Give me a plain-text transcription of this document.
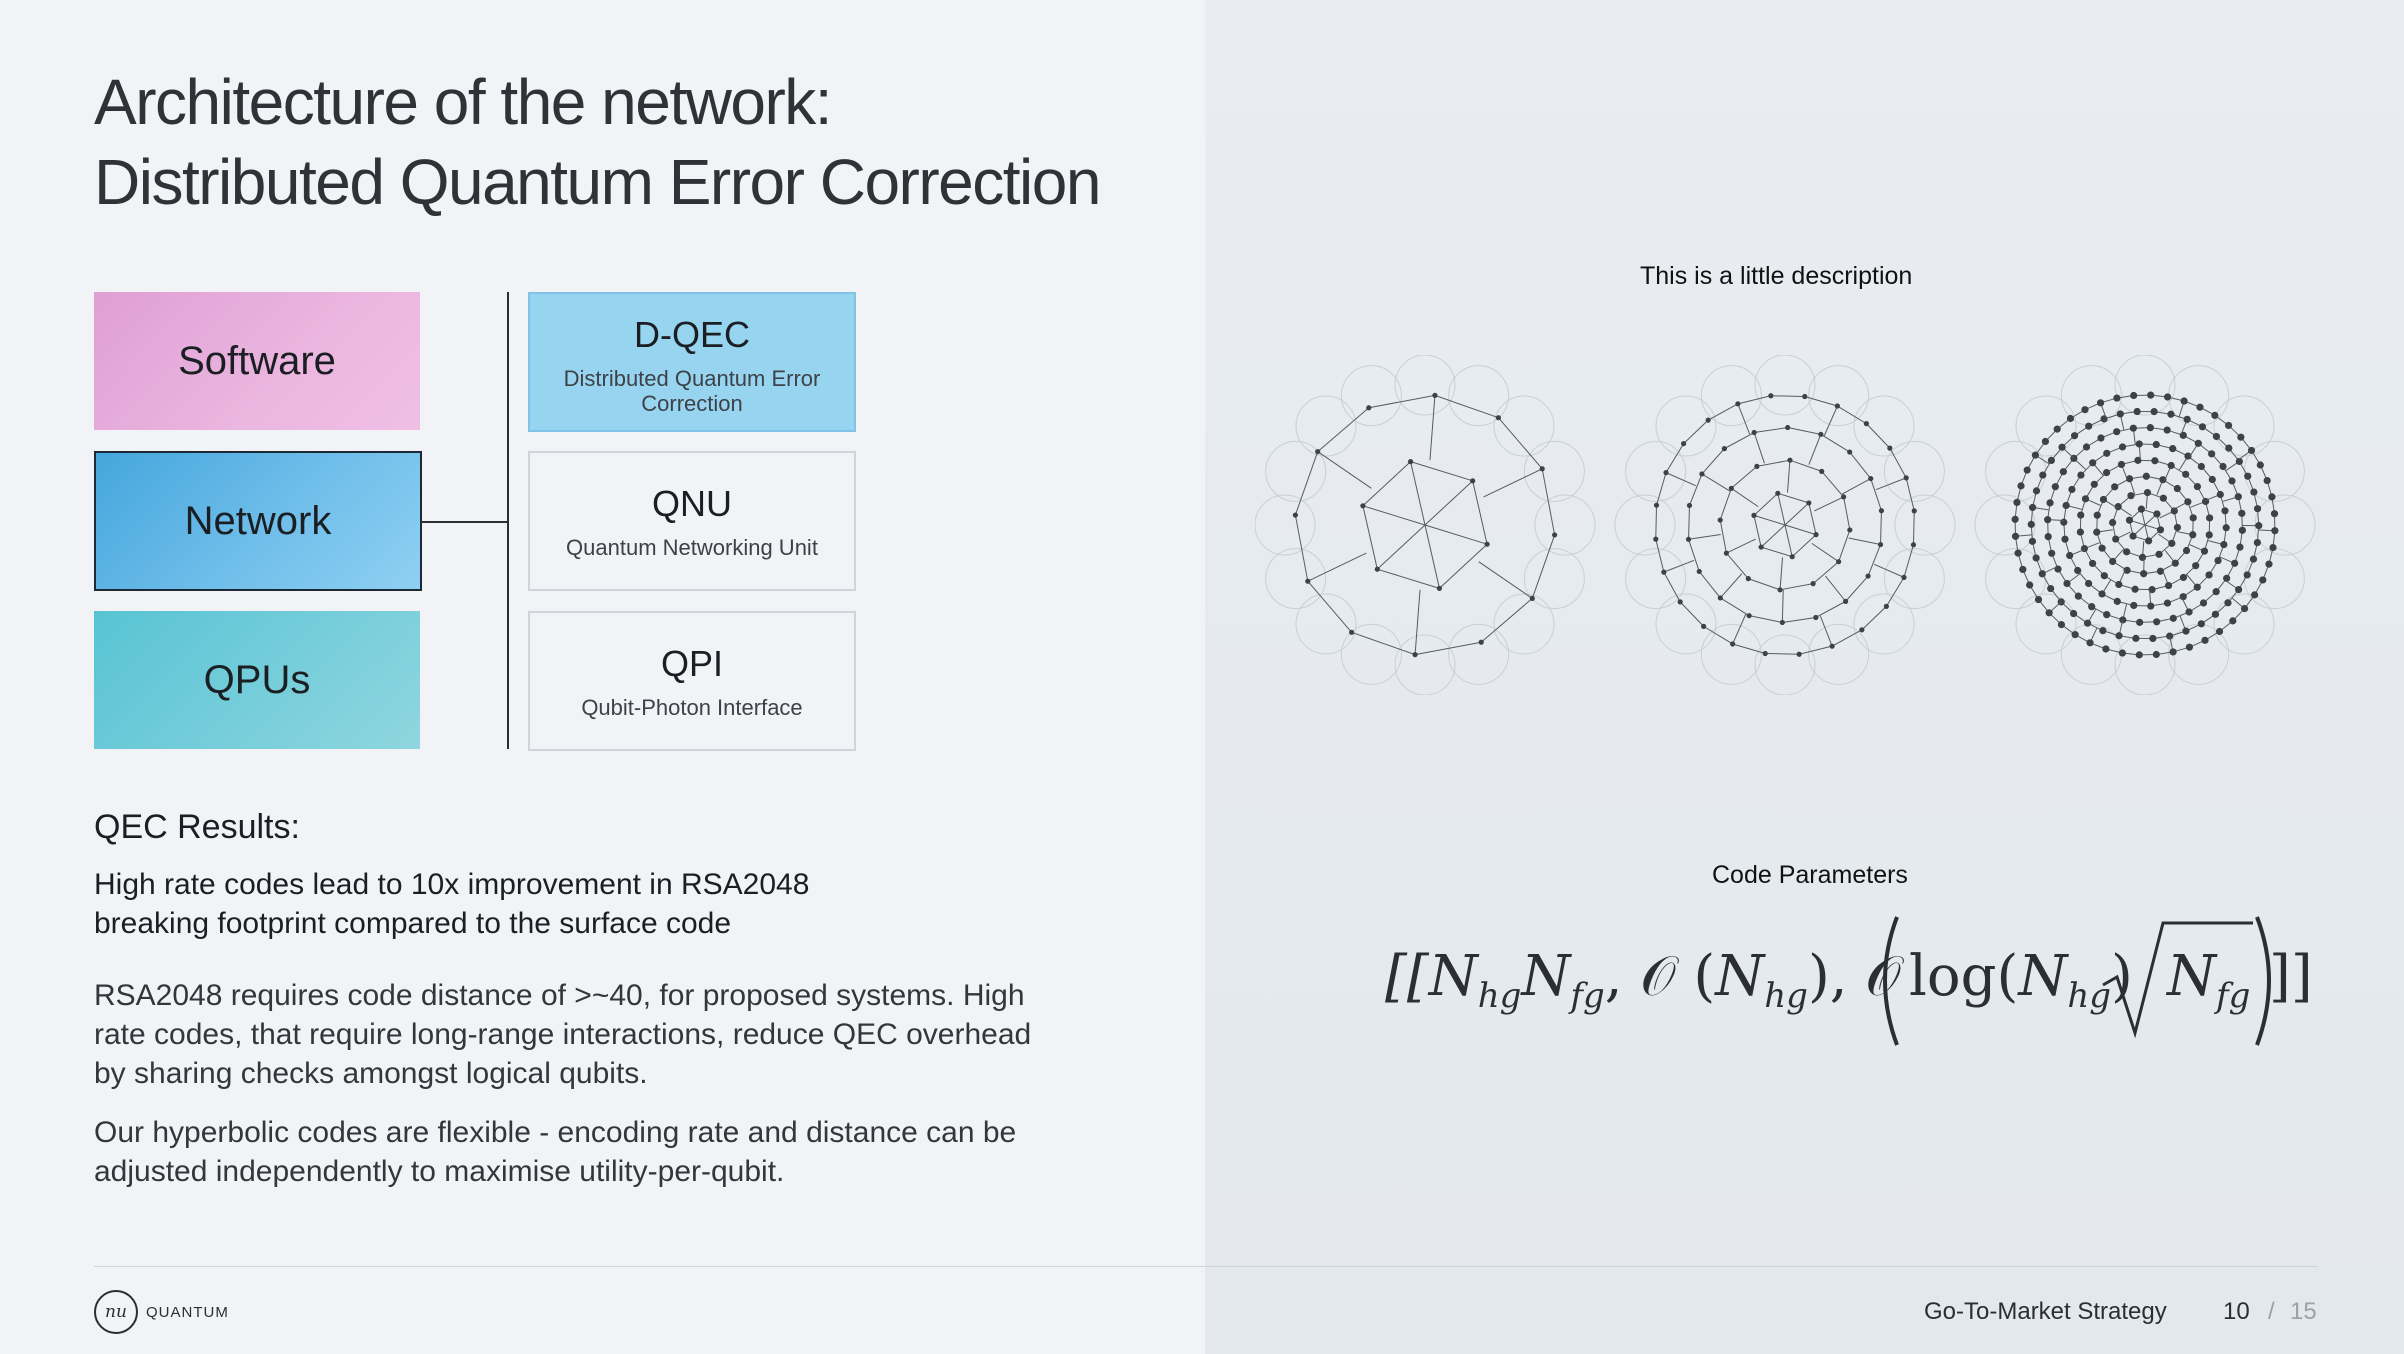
Architecture of the network:
Distributed Quantum Error Correction
Software
Network
QPUs
D-QEC
Distributed Quantum Error Correction
QNU
Quantum Networking Unit
QPI
Qubit-Photon Interface
QEC Results:
High rate codes lead to 10x improvement in RSA2048 breaking footprint compared to the surface code
RSA2048 requires code distance of >~40, for proposed systems. High rate codes, that require long-range interactions, reduce QEC overhead by sharing checks amongst logical qubits.
Our hyperbolic codes are flexible - encoding rate and distance can be adjusted independently to maximise utility-per-qubit.
This is a little description
Code Parameters
[[$N_{hg}N_{fg}$, 𝒪 $(N_{hg})$, 𝒪 $\log(N_{hg})$ $N_{fg}$ ]]
nu	QUANTUM	Go-To-Market Strategy 10 / 15
